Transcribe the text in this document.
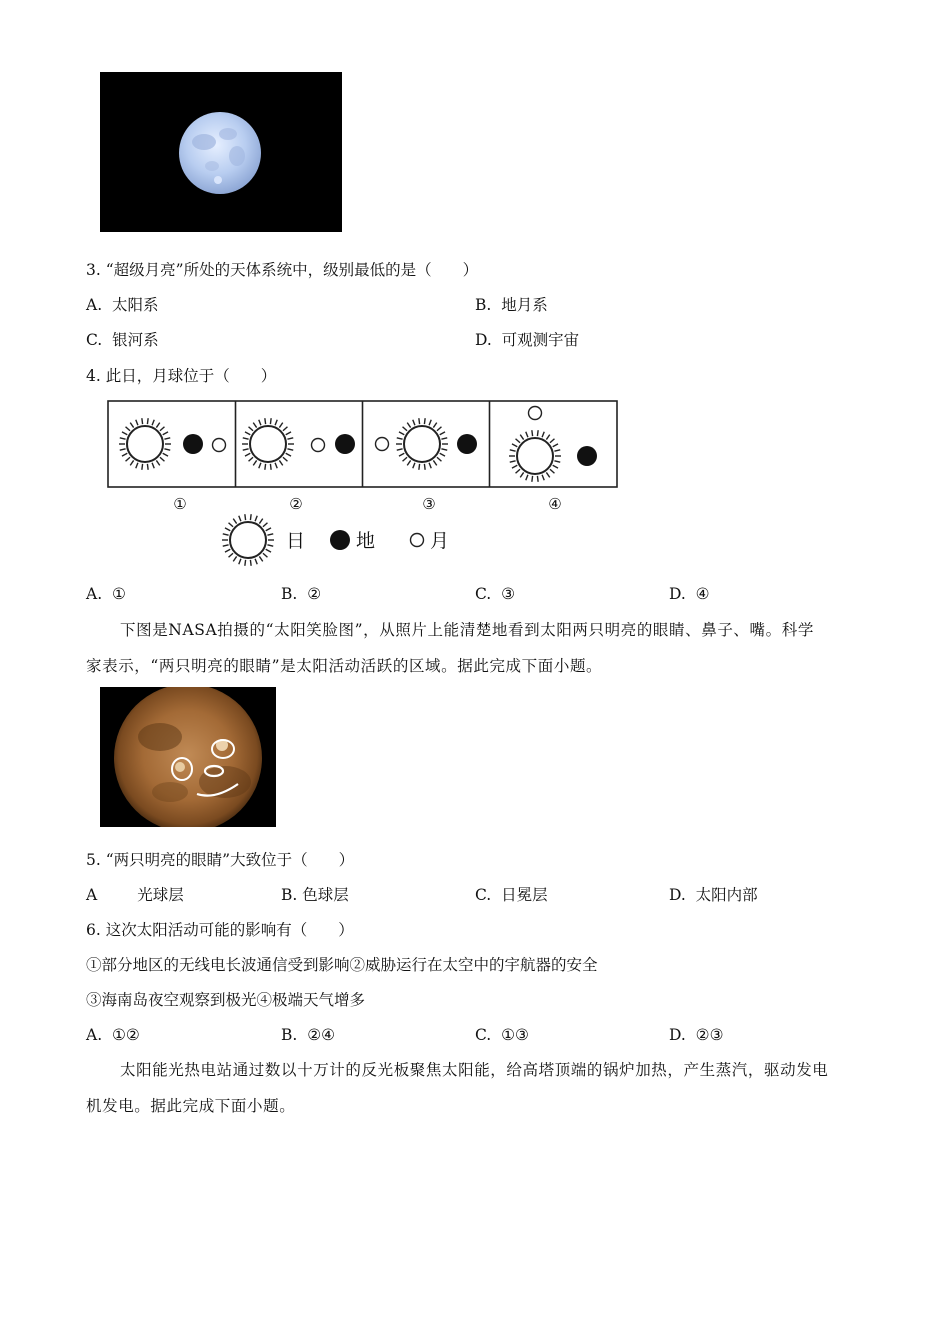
3. “超级月亮”所处的天体系统中，级别最低的是（　　）
A. 太阳系	B. 地月系
C. 银河系	D. 可观测宇宙
4. 此日，月球位于（　　）
①	②	③	④
日	地	月
A. ①	B. ②	C. ③	D. ④
下图是NASA拍摄的“太阳笑脸图”，从照片上能清楚地看到太阳两只明亮的眼睛、鼻子、嘴。科学
家表示，“两只明亮的眼睛”是太阳活动活跃的区域。据此完成下面小题。
5. “两只明亮的眼睛”大致位于（　　）
A	光球层	B. 色球层	C. 日冕层	D. 太阳内部
6. 这次太阳活动可能的影响有（　　）
①部分地区的无线电长波通信受到影响②威胁运行在太空中的宇航器的安全
③海南岛夜空观察到极光④极端天气增多
A. ①②	B. ②④	C. ①③	D. ②③
太阳能光热电站通过数以十万计的反光板聚焦太阳能，给高塔顶端的锅炉加热，产生蒸汽，驱动发电
机发电。据此完成下面小题。
